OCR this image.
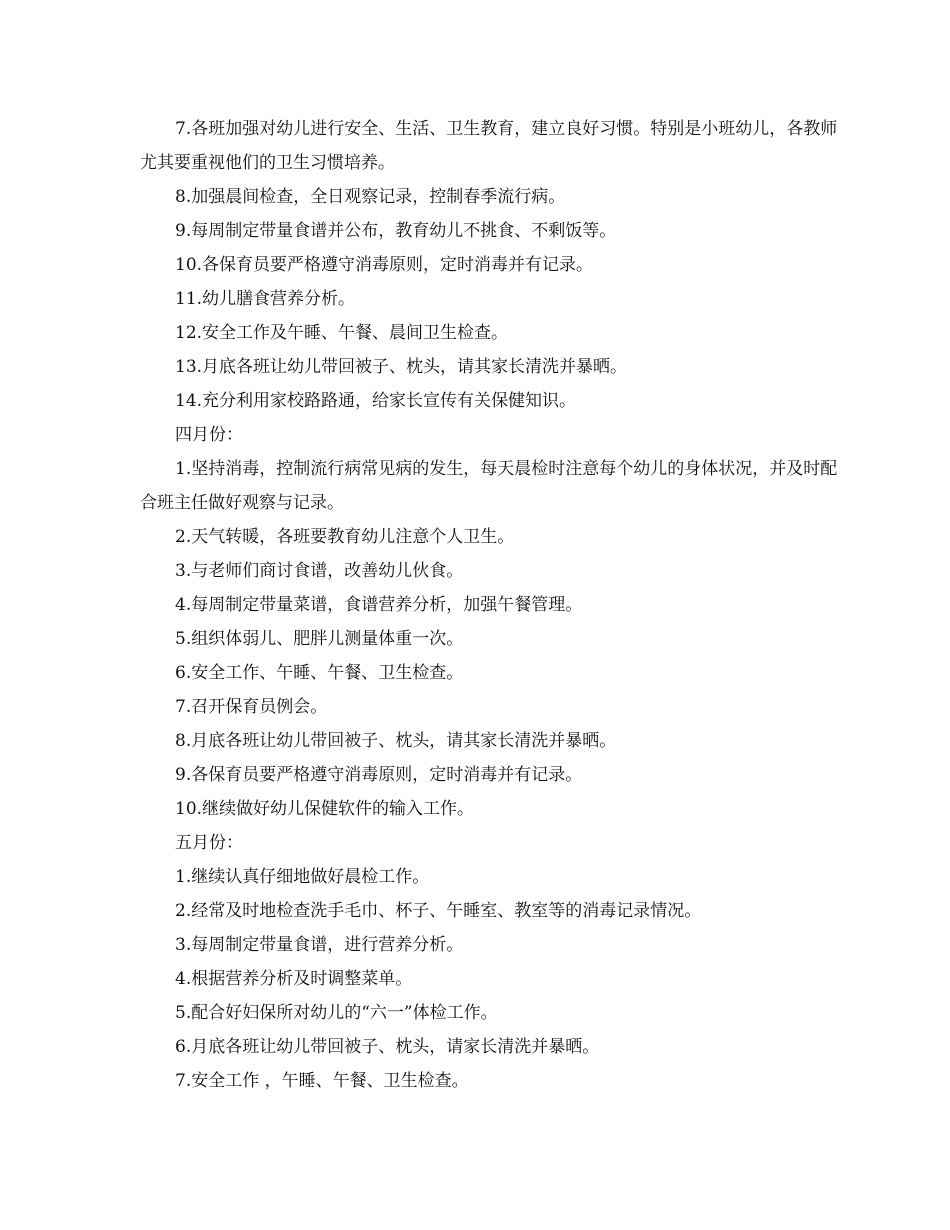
7.各班加强对幼儿进行安全、生活、卫生教育，建立良好习惯。特别是小班幼儿，各教师尤其要重视他们的卫生习惯培养。

8.加强晨间检查，全日观察记录，控制春季流行病。

9.每周制定带量食谱并公布，教育幼儿不挑食、不剩饭等。

10.各保育员要严格遵守消毒原则，定时消毒并有记录。

11.幼儿膳食营养分析。

12.安全工作及午睡、午餐、晨间卫生检查。

13.月底各班让幼儿带回被子、枕头，请其家长清洗并暴晒。

14.充分利用家校路路通，给家长宣传有关保健知识。

四月份：

1.坚持消毒，控制流行病常见病的发生，每天晨检时注意每个幼儿的身体状况，并及时配合班主任做好观察与记录。

2.天气转暖，各班要教育幼儿注意个人卫生。

3.与老师们商讨食谱，改善幼儿伙食。

4.每周制定带量菜谱，食谱营养分析，加强午餐管理。

5.组织体弱儿、肥胖儿测量体重一次。

6.安全工作、午睡、午餐、卫生检查。

7.召开保育员例会。

8.月底各班让幼儿带回被子、枕头，请其家长清洗并暴晒。

9.各保育员要严格遵守消毒原则，定时消毒并有记录。

10.继续做好幼儿保健软件的输入工作。

五月份：

1.继续认真仔细地做好晨检工作。

2.经常及时地检查洗手毛巾、杯子、午睡室、教室等的消毒记录情况。

3.每周制定带量食谱，进行营养分析。

4.根据营养分析及时调整菜单。

5.配合好妇保所对幼儿的“六一”体检工作。

6.月底各班让幼儿带回被子、枕头，请家长清洗并暴晒。

7.安全工作 ，午睡、午餐、卫生检查。
